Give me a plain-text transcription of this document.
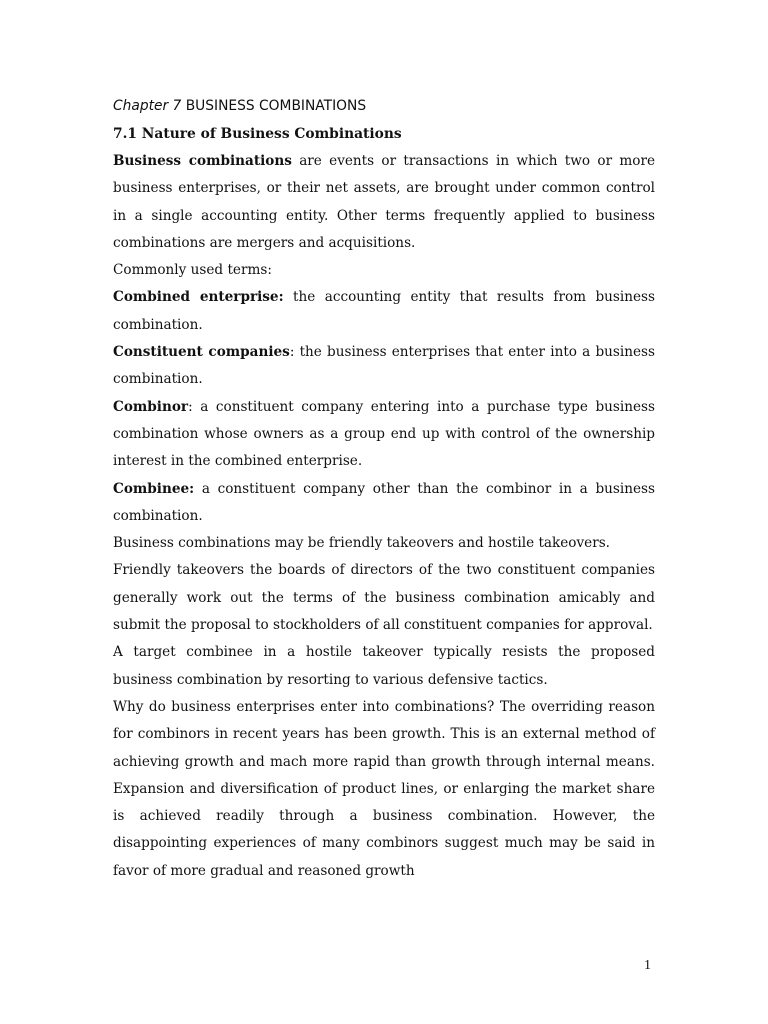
Chapter 7 BUSINESS COMBINATIONS
7.1 Nature of Business Combinations

Business combinations are events or transactions in which two or more business enterprises, or their net assets, are brought under common control in a single accounting entity. Other terms frequently applied to business combinations are mergers and acquisitions.

Commonly used terms:

Combined enterprise: the accounting entity that results from business combination.

Constituent companies: the business enterprises that enter into a business combination.

Combinor: a constituent company entering into a purchase type business combination whose owners as a group end up with control of the ownership interest in the combined enterprise.

Combinee: a constituent company other than the combinor in a business combination.

Business combinations may be friendly takeovers and hostile takeovers.

Friendly takeovers the boards of directors of the two constituent companies generally work out the terms of the business combination amicably and submit the proposal to stockholders of all constituent companies for approval.

A target combinee in a hostile takeover typically resists the proposed business combination by resorting to various defensive tactics.

Why do business enterprises enter into combinations? The overriding reason for combinors in recent years has been growth. This is an external method of achieving growth and mach more rapid than growth through internal means. Expansion and diversification of product lines, or enlarging the market share is achieved readily through a business combination. However, the disappointing experiences of many combinors suggest much may be said in favor of more gradual and reasoned growth

1
